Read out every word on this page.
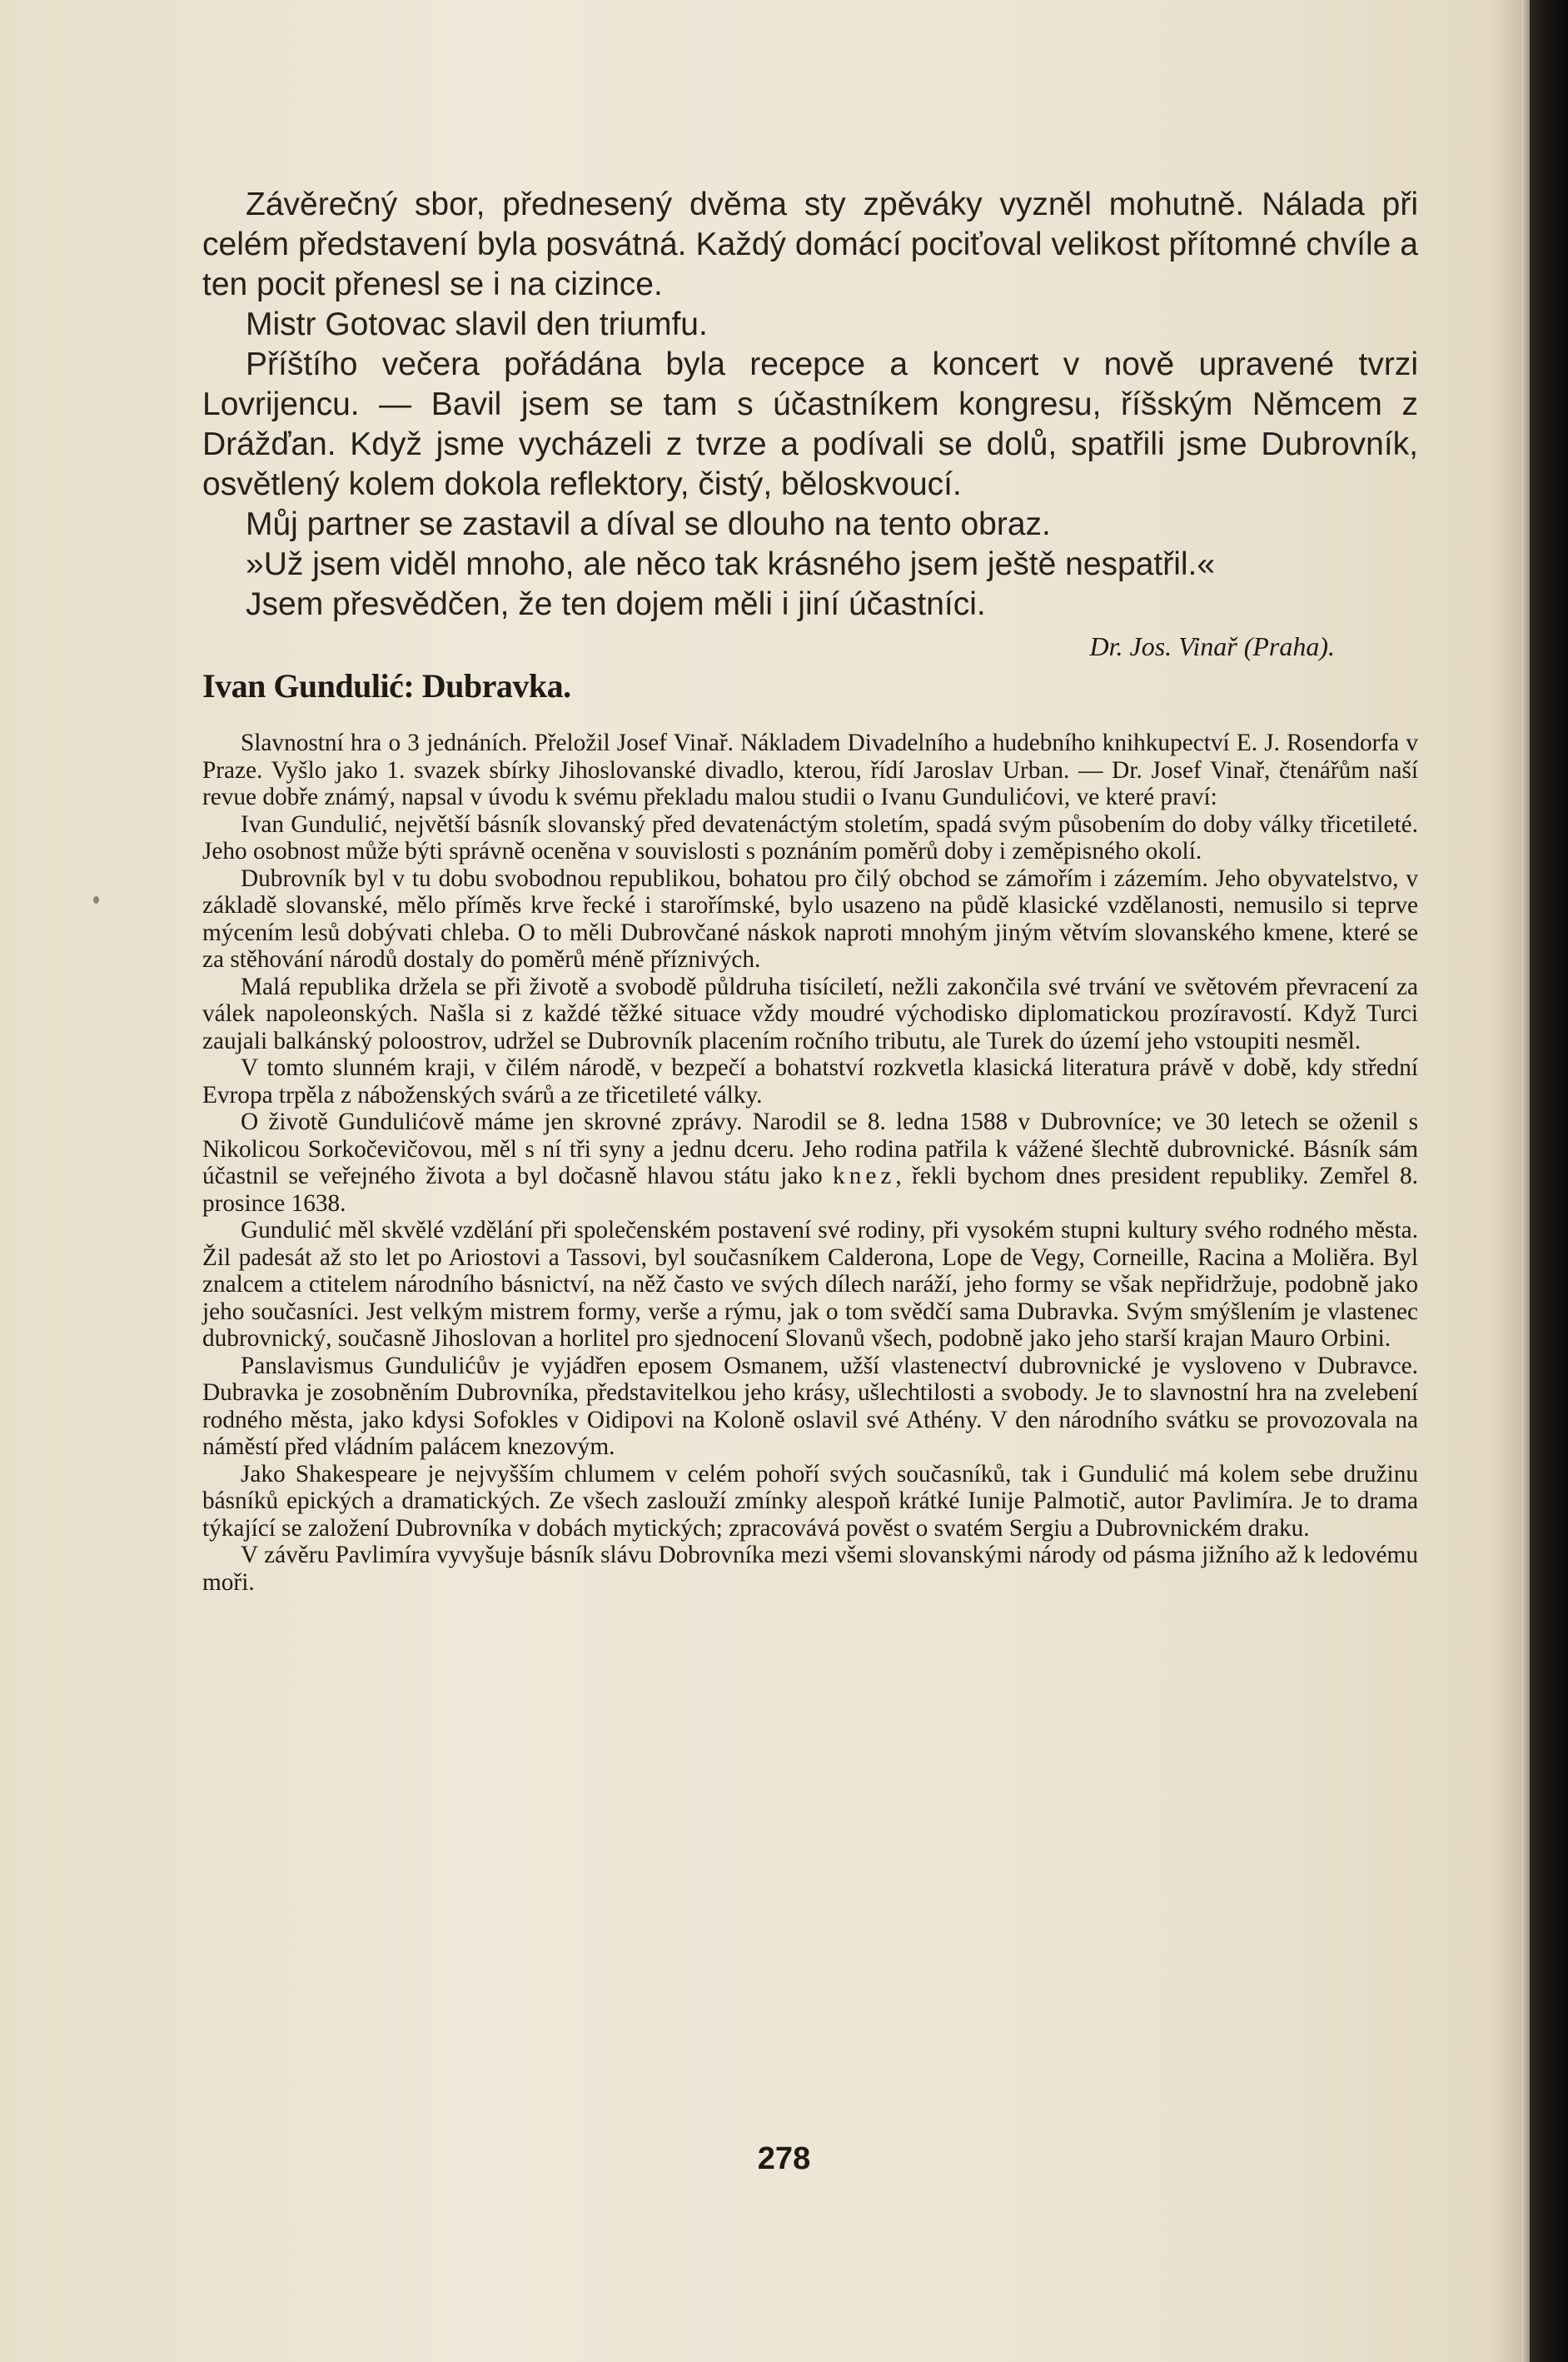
Závěrečný sbor, přednesený dvěma sty zpěváky vyzněl mohutně. Nálada při celém představení byla posvátná. Každý domácí pociťoval velikost přítomné chvíle a ten pocit přenesl se i na cizince.

Mistr Gotovac slavil den triumfu.

Příštího večera pořádána byla recepce a koncert v nově upravené tvrzi Lovrijencu. — Bavil jsem se tam s účastníkem kongresu, říšským Němcem z Drážďan. Když jsme vycházeli z tvrze a podívali se dolů, spatřili jsme Dubrovník, osvětlený kolem dokola reflektory, čistý, běloskvoucí.

Můj partner se zastavil a díval se dlouho na tento obraz.

»Už jsem viděl mnoho, ale něco tak krásného jsem ještě nespatřil.«

Jsem přesvědčen, že ten dojem měli i jiní účastníci.

Dr. Jos. Vinař (Praha).
Ivan Gundulić: Dubravka.

Slavnostní hra o 3 jednáních. Přeložil Josef Vinař. Nákladem Divadelního a hudebního knihkupectví E. J. Rosendorfa v Praze. Vyšlo jako 1. svazek sbírky Jihoslovanské divadlo, kterou, řídí Jaroslav Urban. — Dr. Josef Vinař, čtenářům naší revue dobře známý, napsal v úvodu k svému překladu malou studii o Ivanu Gundulićovi, ve které praví:

Ivan Gundulić, největší básník slovanský před devatenáctým stoletím, spadá svým působením do doby války třicetileté. Jeho osobnost může býti správně oceněna v souvislosti s poznáním poměrů doby i zeměpisného okolí.

Dubrovník byl v tu dobu svobodnou republikou, bohatou pro čilý obchod se zámořím i zázemím. Jeho obyvatelstvo, v základě slovanské, mělo příměs krve řecké i starořímské, bylo usazeno na půdě klasické vzdělanosti, nemusilo si teprve mýcením lesů dobývati chleba. O to měli Dubrovčané náskok naproti mnohým jiným větvím slovanského kmene, které se za stěhování národů dostaly do poměrů méně příznivých.

Malá republika držela se při životě a svobodě půldruha tisíciletí, nežli zakončila své trvání ve světovém převracení za válek napoleonských. Našla si z každé těžké situace vždy moudré východisko diplomatickou prozíravostí. Když Turci zaujali balkánský poloostrov, udržel se Dubrovník placením ročního tributu, ale Turek do území jeho vstoupiti nesměl.

V tomto slunném kraji, v čilém národě, v bezpečí a bohatství rozkvetla klasická literatura právě v době, kdy střední Evropa trpěla z náboženských svárů a ze třicetileté války.

O životě Gundulićově máme jen skrovné zprávy. Narodil se 8. ledna 1588 v Dubrovníce; ve 30 letech se oženil s Nikolicou Sorkočevičovou, měl s ní tři syny a jednu dceru. Jeho rodina patřila k vážené šlechtě dubrovnické. Básník sám účastnil se veřejného života a byl dočasně hlavou státu jako knez, řekli bychom dnes president republiky. Zemřel 8. prosince 1638.

Gundulić měl skvělé vzdělání při společenském postavení své rodiny, při vysokém stupni kultury svého rodného města. Žil padesát až sto let po Ariostovi a Tassovi, byl současníkem Calderona, Lope de Vegy, Corneille, Racina a Moliěra. Byl znalcem a ctitelem národního básnictví, na něž často ve svých dílech naráží, jeho formy se však nepřidržuje, podobně jako jeho současníci. Jest velkým mistrem formy, verše a rýmu, jak o tom svědčí sama Dubravka. Svým smýšlením je vlastenec dubrovnický, současně Jihoslovan a horlitel pro sjednocení Slovanů všech, podobně jako jeho starší krajan Mauro Orbini.

Panslavismus Gundulićův je vyjádřen eposem Osmanem, užší vlastenectví dubrovnické je vysloveno v Dubravce. Dubravka je zosobněním Dubrovníka, představitelkou jeho krásy, ušlechtilosti a svobody. Je to slavnostní hra na zvelebení rodného města, jako kdysi Sofokles v Oidipovi na Koloně oslavil své Athény. V den národního svátku se provozovala na náměstí před vládním palácem knezovým.

Jako Shakespeare je nejvyšším chlumem v celém pohoří svých současníků, tak i Gundulić má kolem sebe družinu básníků epických a dramatických. Ze všech zaslouží zmínky alespoň krátké Iunije Palmotič, autor Pavlimíra. Je to drama týkající se založení Dubrovníka v dobách mytických; zpracovává pověst o svatém Sergiu a Dubrovnickém draku.

V závěru Pavlimíra vyvyšuje básník slávu Dobrovníka mezi všemi slovanskými národy od pásma jižního až k ledovému moři.

278
